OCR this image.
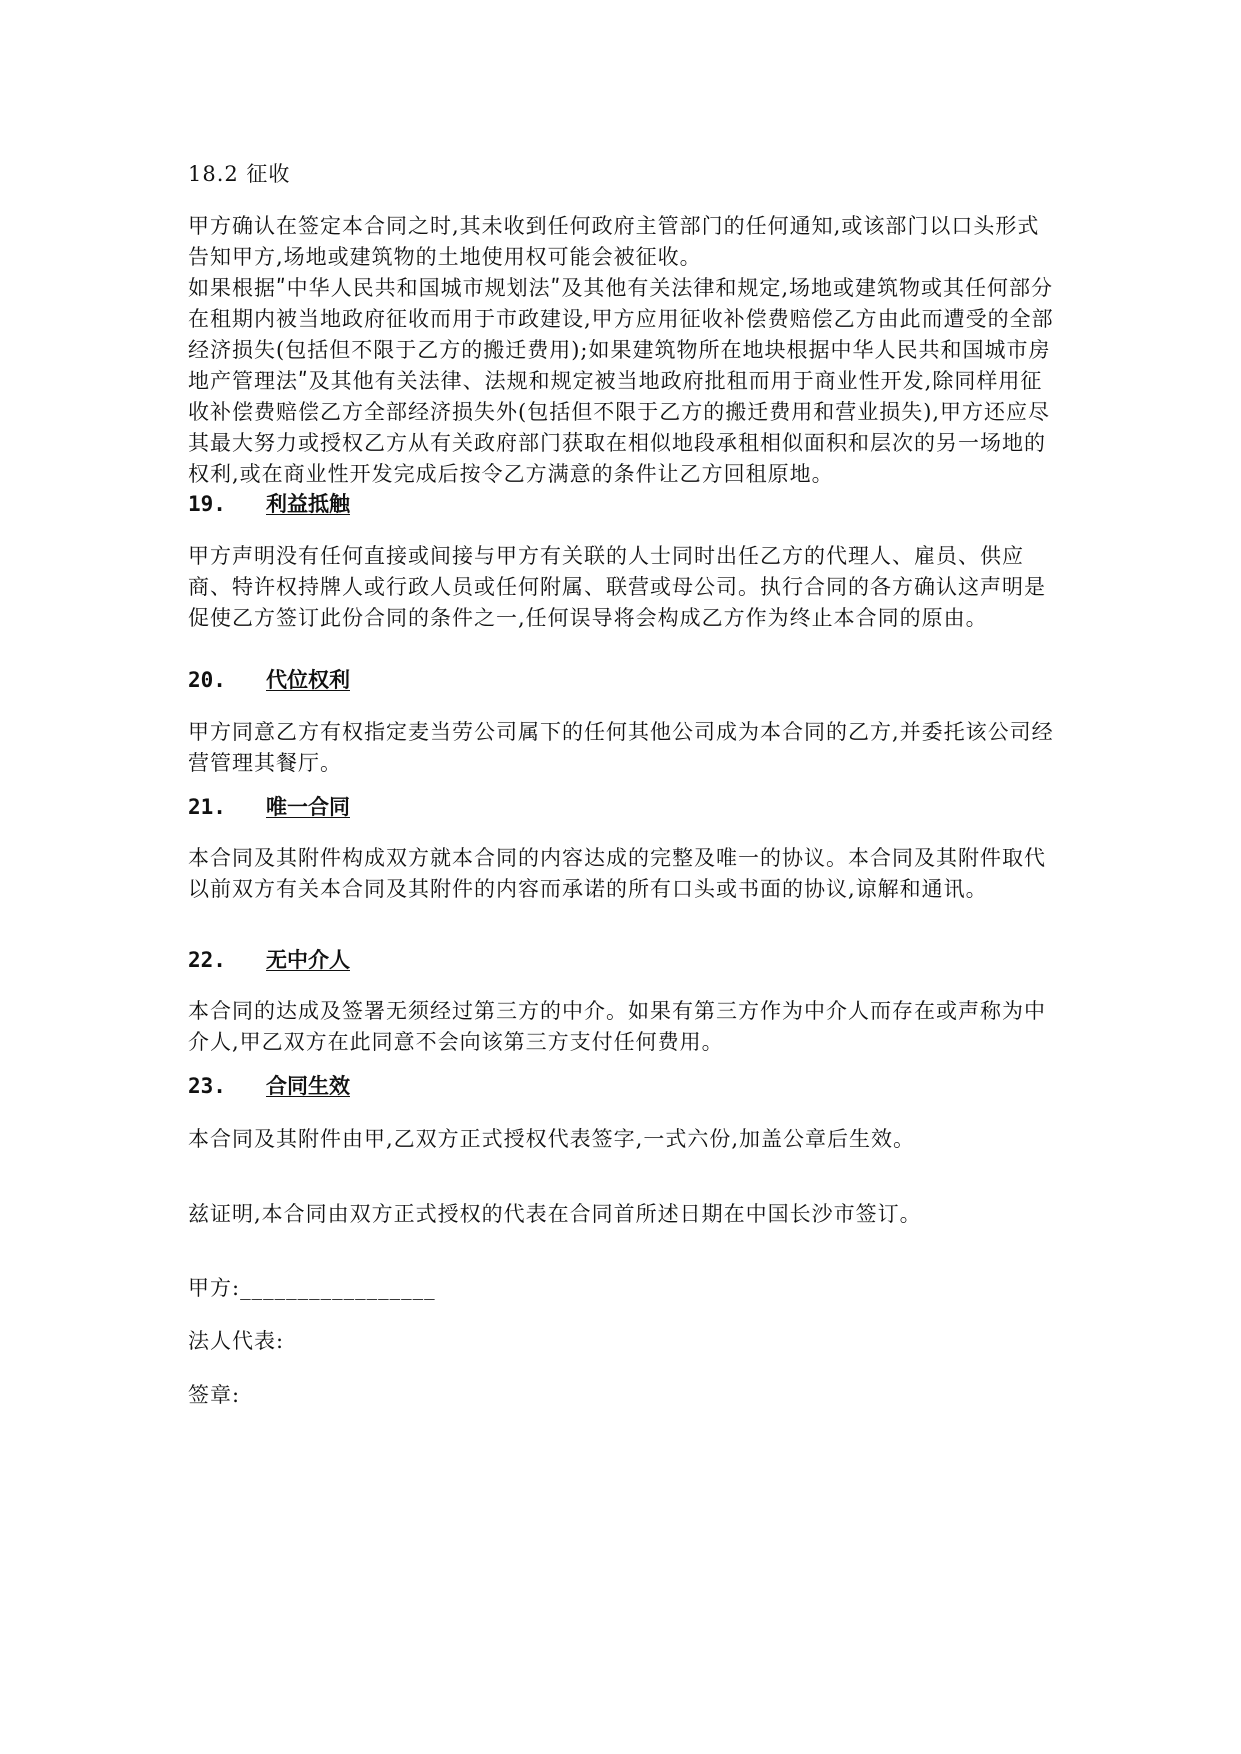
18.2 征收

甲方确认在签定本合同之时,其未收到任何政府主管部门的任何通知,或该部门以口头形式告知甲方,场地或建筑物的土地使用权可能会被征收。

如果根据ʺ中华人民共和国城市规划法ʺ及其他有关法律和规定,场地或建筑物或其任何部分在租期内被当地政府征收而用于市政建设,甲方应用征收补偿费赔偿乙方由此而遭受的全部经济损失(包括但不限于乙方的搬迁费用);如果建筑物所在地块根据中华人民共和国城市房地产管理法ʺ及其他有关法律、法规和规定被当地政府批租而用于商业性开发,除同样用征收补偿费赔偿乙方全部经济损失外(包括但不限于乙方的搬迁费用和营业损失),甲方还应尽其最大努力或授权乙方从有关政府部门获取在相似地段承租相似面积和层次的另一场地的权利,或在商业性开发完成后按令乙方满意的条件让乙方回租原地。

19. 利益抵触

甲方声明没有任何直接或间接与甲方有关联的人士同时出任乙方的代理人、雇员、供应商、特许权持牌人或行政人员或任何附属、联营或母公司。执行合同的各方确认这声明是促使乙方签订此份合同的条件之一,任何误导将会构成乙方作为终止本合同的原由。

20. 代位权利

甲方同意乙方有权指定麦当劳公司属下的任何其他公司成为本合同的乙方,并委托该公司经营管理其餐厅。

21. 唯一合同

本合同及其附件构成双方就本合同的内容达成的完整及唯一的协议。本合同及其附件取代以前双方有关本合同及其附件的内容而承诺的所有口头或书面的协议,谅解和通讯。

22. 无中介人

本合同的达成及签署无须经过第三方的中介。如果有第三方作为中介人而存在或声称为中介人,甲乙双方在此同意不会向该第三方支付任何费用。

23. 合同生效

本合同及其附件由甲,乙双方正式授权代表签字,一式六份,加盖公章后生效。

兹证明,本合同由双方正式授权的代表在合同首所述日期在中国长沙市签订。

甲方:_________________
法人代表:
签章:
